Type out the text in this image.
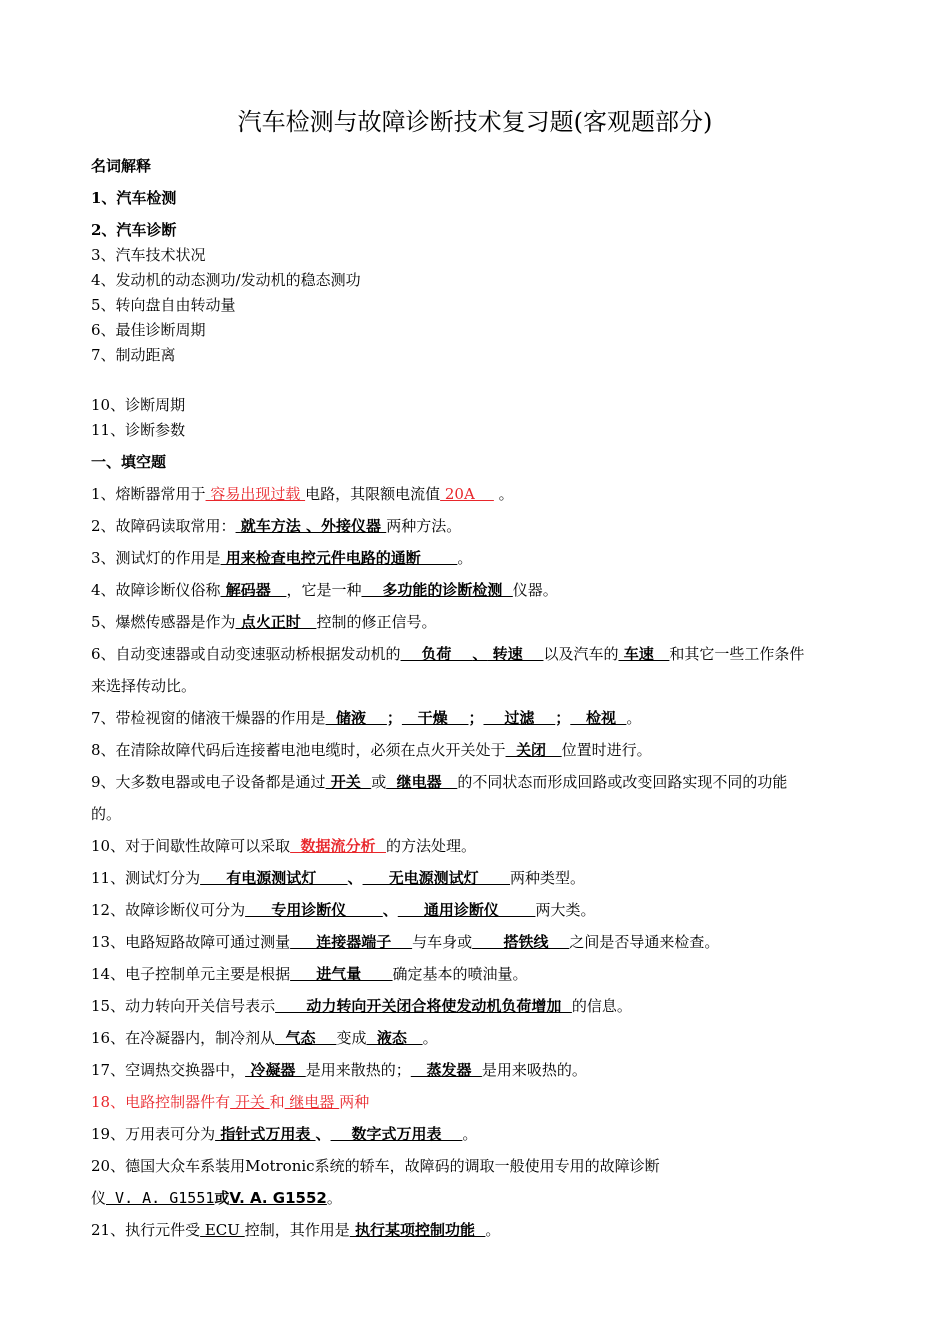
汽车检测与故障诊断技术复习题(客观题部分)
名词解释
1、汽车检测
2、汽车诊断
3、汽车技术状况
4、发动机的动态测功/发动机的稳态测功
5、转向盘自由转动量
6、最佳诊断周期
7、制动距离
10、诊断周期
11、诊断参数
一、填空题
1、熔断器常用于 容易出现过载 电路，其限额电流值 20A     。
2、故障码读取常用： 就车方法 、外接仪器 两种方法。
3、测试灯的作用是 用来检查电控元件电路的通断       。
4、故障诊断仪俗称 解码器   ，它是一种    多功能的诊断检测  仪器。
5、爆燃传感器是作为 点火正时   控制的修正信号。
6、自动变速器或自动变速驱动桥根据发动机的    负荷    、 转速    以及汽车的 车速   和其它一些工作条件
来选择传动比。
7、带检视窗的储液干燥器的作用是  储液    ；   干燥    ；    过滤    ；   检视  。
8、在清除故障代码后连接蓄电池电缆时，必须在点火开关处于  关闭   位置时进行。
9、大多数电器或电子设备都是通过 开关  或  继电器   的不同状态而形成回路或改变回路实现不同的功能
的。
10、对于间歇性故障可以采取  数据流分析  的方法处理。
11、测试灯分为     有电源测试灯      、     无电源测试灯      两种类型。
12、故障诊断仪可分为     专用诊断仪       、     通用诊断仪       两大类。
13、电路短路故障可通过测量     连接器端子    与车身或      搭铁线    之间是否导通来检查。
14、电子控制单元主要是根据     进气量      确定基本的喷油量。
15、动力转向开关信号表示      动力转向开关闭合将使发动机负荷增加  的信息。
16、在冷凝器内，制冷剂从  气态    变成  液态   。
17、空调热交换器中， 冷凝器  是用来散热的；   蒸发器  是用来吸热的。
18、电路控制器件有 开关 和 继电器 两种
19、万用表可分为 指针式万用表 、    数字式万用表    。
20、德国大众车系装用Motronic系统的轿车，故障码的调取一般使用专用的故障诊断
仪 V. A. G1551或V. A. G1552。
21、执行元件受 ECU 控制，其作用是 执行某项控制功能  。
